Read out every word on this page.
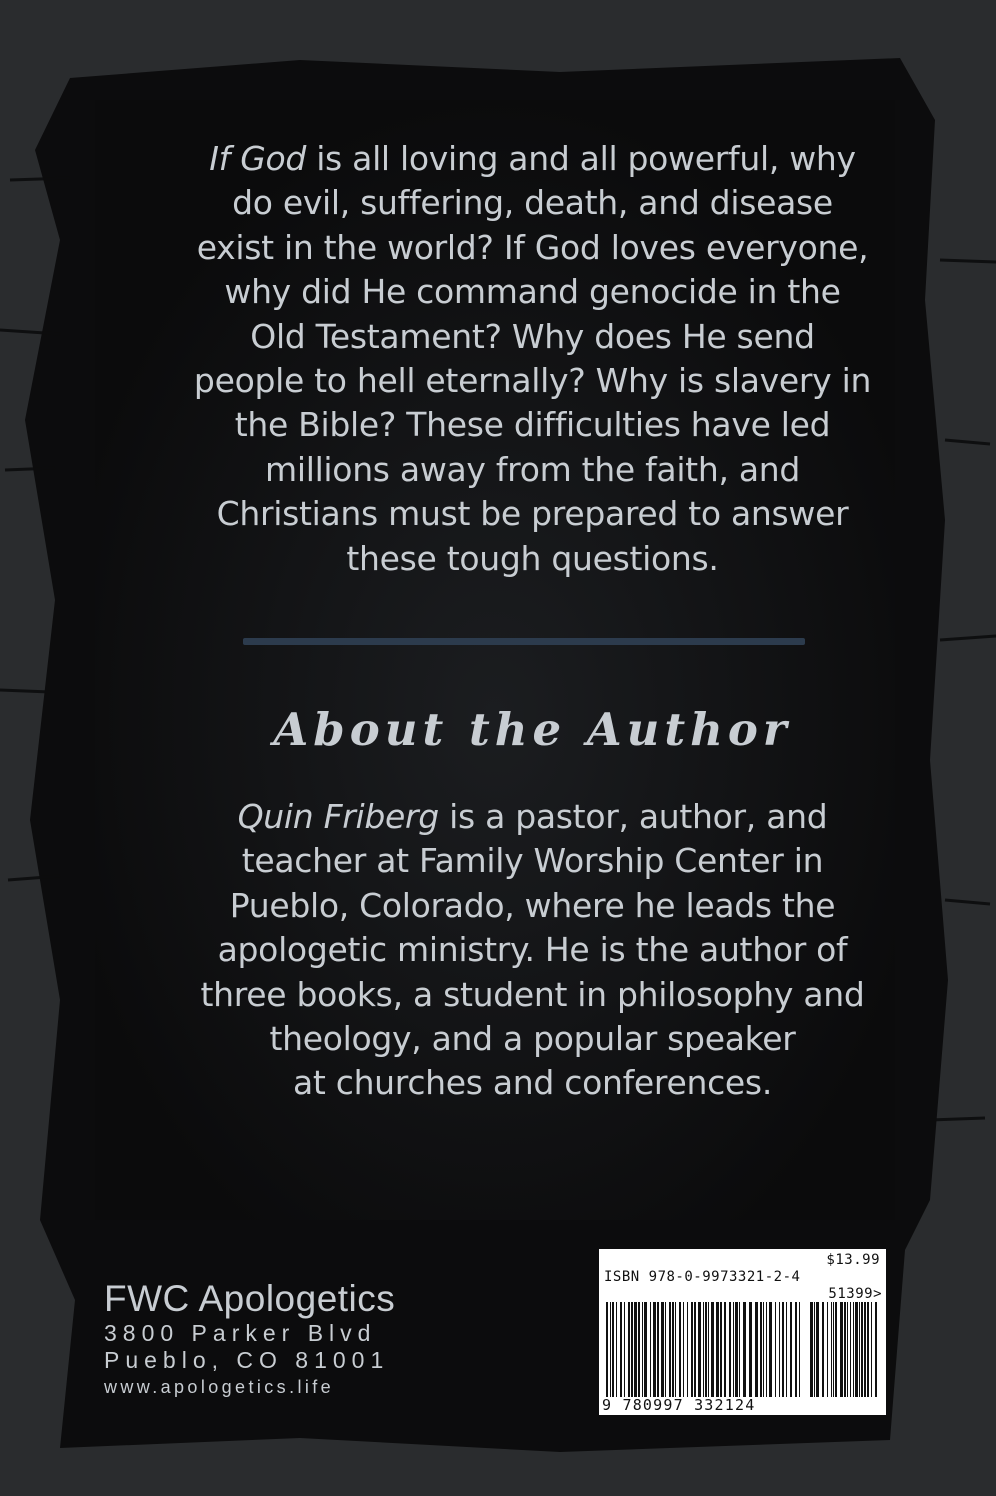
If God is all loving and all powerful, why
do evil, suffering, death, and disease
exist in the world? If God loves everyone,
why did He command genocide in the
Old Testament? Why does He send
people to hell eternally? Why is slavery in
the Bible? These difficulties have led
millions away from the faith, and
Christians must be prepared to answer
these tough questions.
About the Author
Quin Friberg is a pastor, author, and
teacher at Family Worship Center in
Pueblo, Colorado, where he leads the
apologetic ministry. He is the author of
three books, a student in philosophy and
theology, and a popular speaker
at churches and conferences.
FWC Apologetics
3800 Parker Blvd
Pueblo, CO 81001
www.apologetics.life
$13.99
ISBN 978-0-9973321-2-4
51399>
9 780997 332124
